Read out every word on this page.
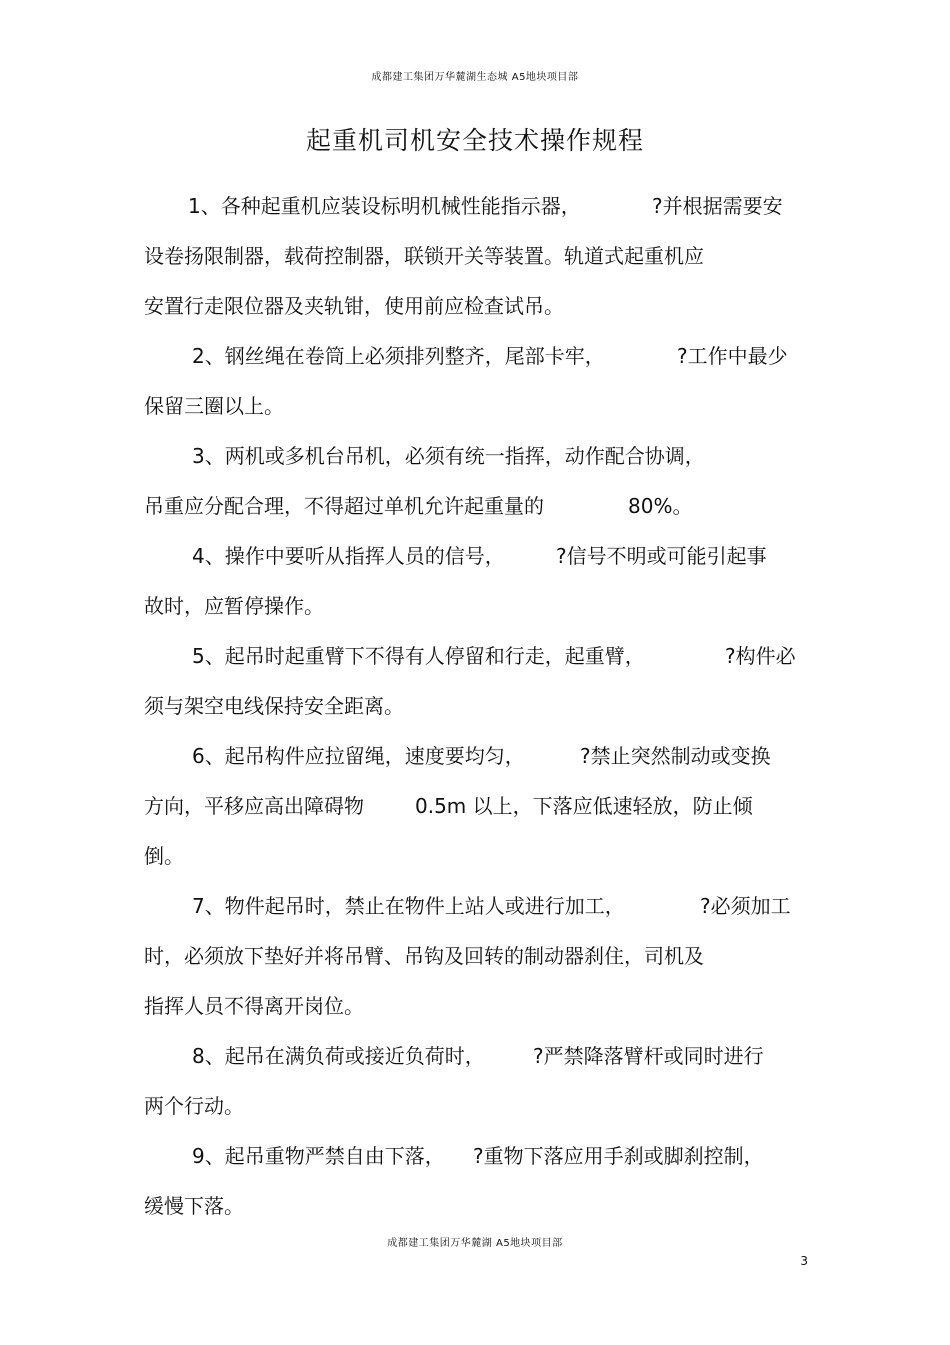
成都建工集团万华麓湖生态城 A5地块项目部
起重机司机安全技术操作规程
1、各种起重机应装设标明机械性能指示器，	?并根据需要安
设卷扬限制器，载荷控制器，联锁开关等装置。轨道式起重机应
安置行走限位器及夹轨钳，使用前应检查试吊。
2、钢丝绳在卷筒上必须排列整齐，尾部卡牢，	?工作中最少
保留三圈以上。
3、两机或多机台吊机，必须有统一指挥，动作配合协调，
吊重应分配合理，不得超过单机允许起重量的	80%。
4、操作中要听从指挥人员的信号，	?信号不明或可能引起事
故时，应暂停操作。
5、起吊时起重臂下不得有人停留和行走，起重臂，	?构件必
须与架空电线保持安全距离。
6、起吊构件应拉留绳，速度要均匀，	?禁止突然制动或变换
方向，平移应高出障碍物	0.5m 以上，下落应低速轻放，防止倾
倒。
7、物件起吊时，禁止在物件上站人或进行加工，	?必须加工
时，必须放下垫好并将吊臂、吊钩及回转的制动器刹住，司机及
指挥人员不得离开岗位。
8、起吊在满负荷或接近负荷时， ?严禁降落臂杆或同时进行
两个行动。
9、起吊重物严禁自由下落， ?重物下落应用手刹或脚刹控制，
缓慢下落。
成都建工集团万华麓湖 A5地块项目部
3
